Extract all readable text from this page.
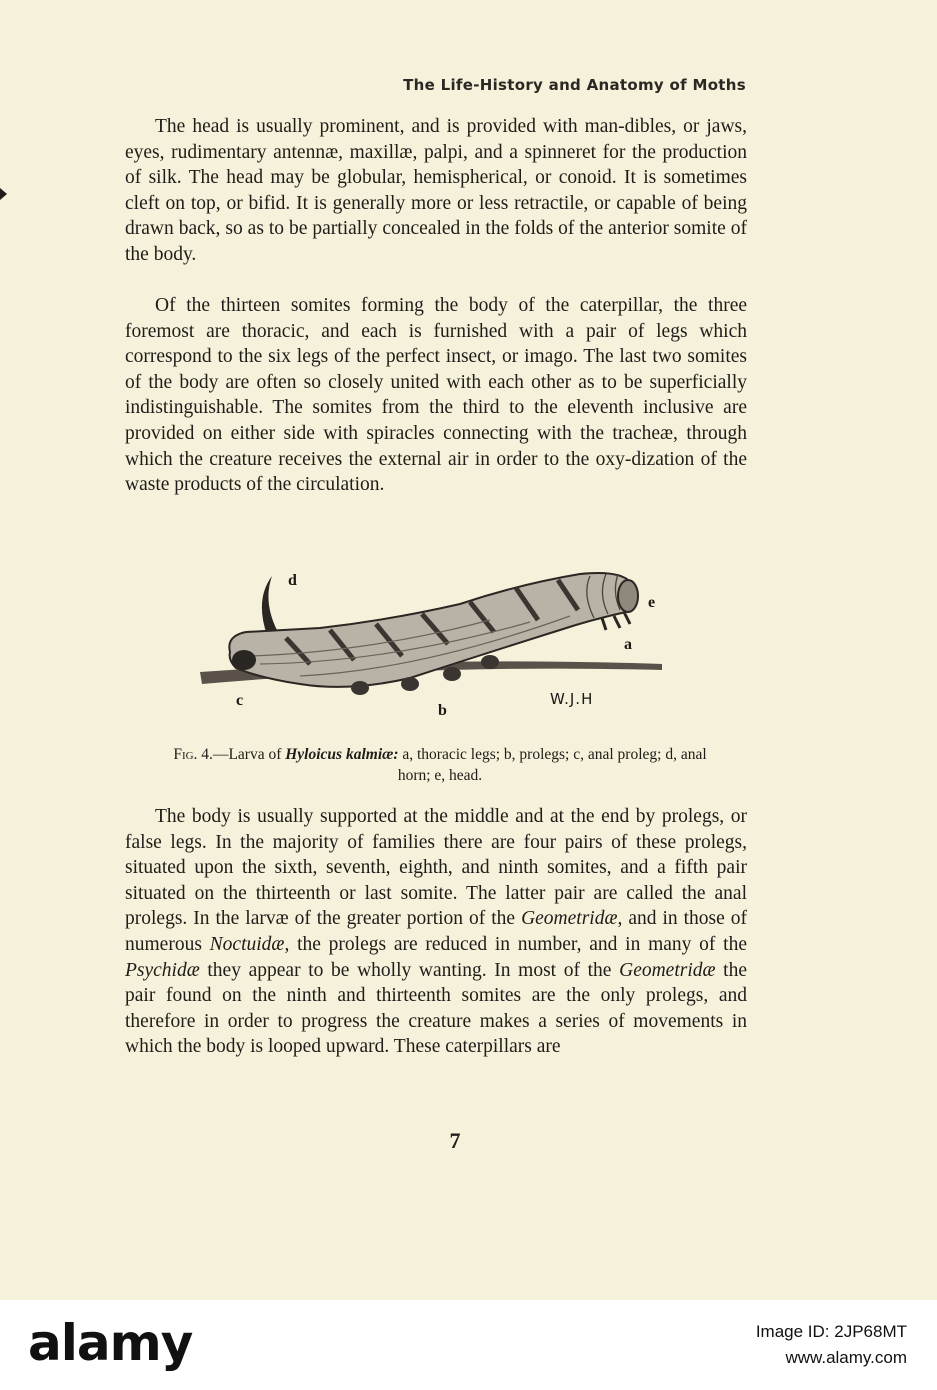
The Life-History and Anatomy of Moths

The head is usually prominent, and is provided with man-dibles, or jaws, eyes, rudimentary antennæ, maxillæ, palpi, and a spinneret for the production of silk. The head may be globular, hemispherical, or conoid. It is sometimes cleft on top, or bifid. It is generally more or less retractile, or capable of being drawn back, so as to be partially concealed in the folds of the anterior somite of the body.

Of the thirteen somites forming the body of the caterpillar, the three foremost are thoracic, and each is furnished with a pair of legs which correspond to the six legs of the perfect insect, or imago. The last two somites of the body are often so closely united with each other as to be superficially indistinguishable. The somites from the third to the eleventh inclusive are provided on either side with spiracles connecting with the tracheæ, through which the creature receives the external air in order to the oxy-dization of the waste products of the circulation.

d
e
a
c
b
W.J.H
Fig. 4.—Larva of Hyloicus kalmiæ: a, thoracic legs; b, prolegs; c, anal proleg; d, anal horn; e, head.

The body is usually supported at the middle and at the end by prolegs, or false legs. In the majority of families there are four pairs of these prolegs, situated upon the sixth, seventh, eighth, and ninth somites, and a fifth pair situated on the thirteenth or last somite. The latter pair are called the anal prolegs. In the larvæ of the greater portion of the Geometridæ, and in those of numerous Noctuidæ, the prolegs are reduced in number, and in many of the Psychidæ they appear to be wholly wanting. In most of the Geometridæ the pair found on the ninth and thirteenth somites are the only prolegs, and therefore in order to progress the creature makes a series of movements in which the body is looped upward. These caterpillars are

7
alamy	Image ID: 2JP68MT
www.alamy.com
